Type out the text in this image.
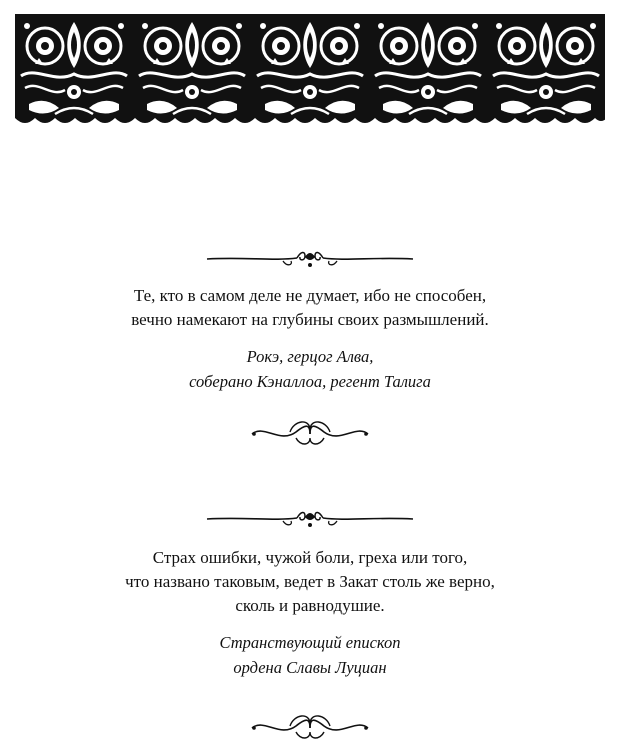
Те, кто в самом деле не думает, ибо не способен,
вечно намекают на глубины своих размышлений.
Рокэ, герцог Алва,
соберано Кэналлоа, регент Талига
Страх ошибки, чужой боли, греха или того,
что названо таковым, ведет в Закат столь же верно,
сколь и равнодушие.
Странствующий епископ
ордена Славы Луциан
